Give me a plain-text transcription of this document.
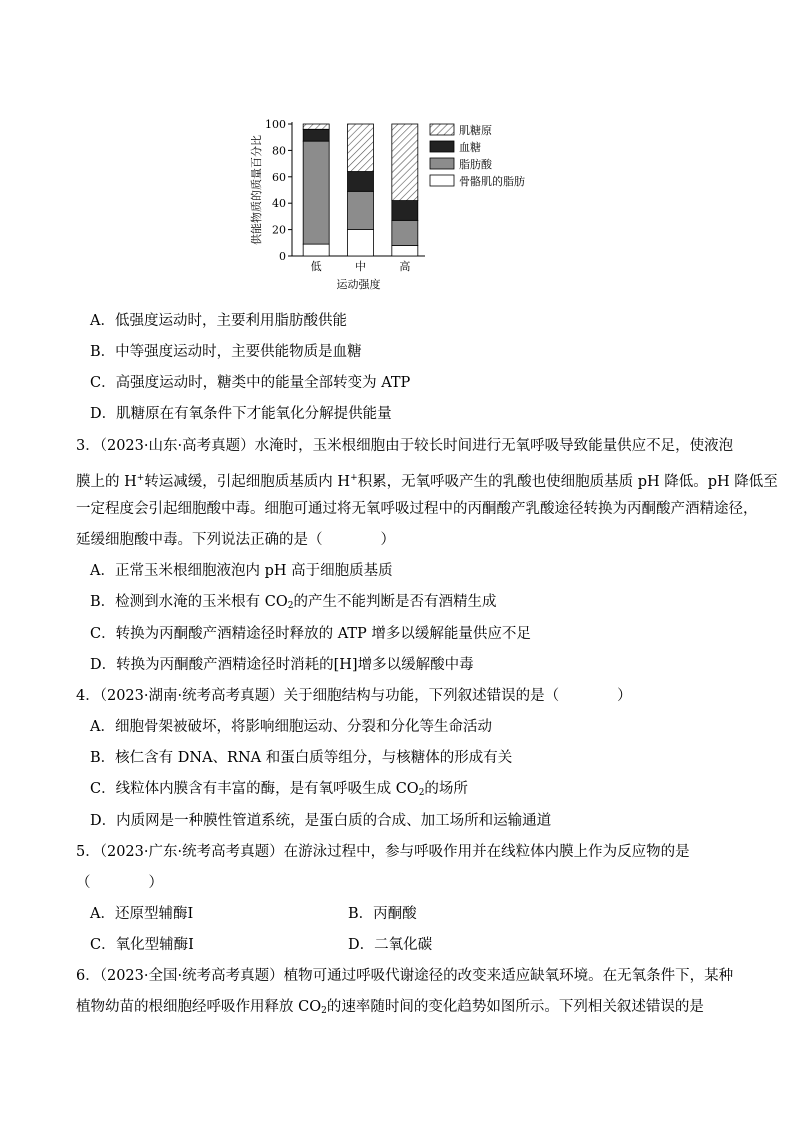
0
20
40
60
80
100
供能物质的质量百分比
低	中	高
运动强度
肌糖原
血糖
脂肪酸
骨骼肌的脂肪
A．低强度运动时，主要利用脂肪酸供能
B．中等强度运动时，主要供能物质是血糖
C．高强度运动时，糖类中的能量全部转变为 ATP
D．肌糖原在有氧条件下才能氧化分解提供能量
3．（2023·山东·高考真题）水淹时，玉米根细胞由于较长时间进行无氧呼吸导致能量供应不足，使液泡
膜上的 H+转运减缓，引起细胞质基质内 H+积累，无氧呼吸产生的乳酸也使细胞质基质 pH 降低。pH 降低至
一定程度会引起细胞酸中毒。细胞可通过将无氧呼吸过程中的丙酮酸产乳酸途径转换为丙酮酸产酒精途径，
延缓细胞酸中毒。下列说法正确的是（　　　　）
A．正常玉米根细胞液泡内 pH 高于细胞质基质
B．检测到水淹的玉米根有 $CO_2$的产生不能判断是否有酒精生成
C．转换为丙酮酸产酒精途径时释放的 ATP 增多以缓解能量供应不足
D．转换为丙酮酸产酒精途径时消耗的[H]增多以缓解酸中毒
4．（2023·湖南·统考高考真题）关于细胞结构与功能，下列叙述错误的是（　　　　）
A．细胞骨架被破坏，将影响细胞运动、分裂和分化等生命活动
B．核仁含有 DNA、RNA 和蛋白质等组分，与核糖体的形成有关
C．线粒体内膜含有丰富的酶，是有氧呼吸生成 $CO_2$的场所
D．内质网是一种膜性管道系统，是蛋白质的合成、加工场所和运输通道
5．（2023·广东·统考高考真题）在游泳过程中，参与呼吸作用并在线粒体内膜上作为反应物的是
（　　　　）
A．还原型辅酶Ⅰ	B．丙酮酸
C．氧化型辅酶Ⅰ	D．二氧化碳
6．（2023·全国·统考高考真题）植物可通过呼吸代谢途径的改变来适应缺氧环境。在无氧条件下，某种
植物幼苗的根细胞经呼吸作用释放 $CO_2$的速率随时间的变化趋势如图所示。下列相关叙述错误的是
